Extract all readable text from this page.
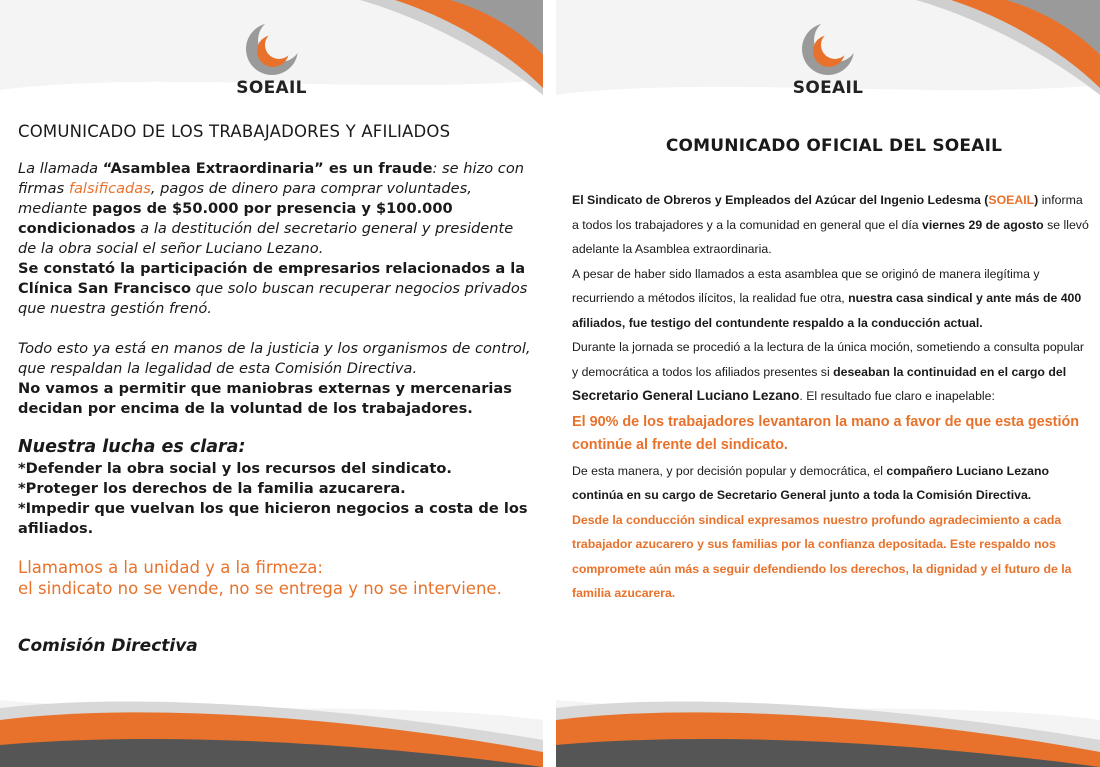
SOEAIL
COMUNICADO DE LOS TRABAJADORES Y AFILIADOS
La llamada “Asamblea Extraordinaria” es un fraude: se hizo con firmas falsificadas, pagos de dinero para comprar voluntades, mediante pagos de $50.000 por presencia y $100.000 condicionados a la destitución del secretario general y presidente de la obra social el señor Luciano Lezano.
Se constató la participación de empresarios relacionados a la Clínica San Francisco que solo buscan recuperar negocios privados que nuestra gestión frenó.
Todo esto ya está en manos de la justicia y los organismos de control, que respaldan la legalidad de esta Comisión Directiva.
No vamos a permitir que maniobras externas y mercenarias decidan por encima de la voluntad de los trabajadores.
Nuestra lucha es clara:
*Defender la obra social y los recursos del sindicato.
*Proteger los derechos de la familia azucarera.
*Impedir que vuelvan los que hicieron negocios a costa de los afiliados.
Llamamos a la unidad y a la firmeza:
el sindicato no se vende, no se entrega y no se interviene.
Comisión Directiva
SOEAIL
COMUNICADO OFICIAL DEL SOEAIL
El Sindicato de Obreros y Empleados del Azúcar del Ingenio Ledesma (SOEAIL) informa a todos los trabajadores y a la comunidad en general que el día viernes 29 de agosto se llevó adelante la Asamblea extraordinaria.
A pesar de haber sido llamados a esta asamblea que se originó de manera ilegítima y recurriendo a métodos ilícitos, la realidad fue otra, nuestra casa sindical y ante más de 400 afiliados, fue testigo del contundente respaldo a la conducción actual.
Durante la jornada se procedió a la lectura de la única moción, sometiendo a consulta popular y democrática a todos los afiliados presentes si deseaban la continuidad en el cargo del Secretario General Luciano Lezano. El resultado fue claro e inapelable:
El 90% de los trabajadores levantaron la mano a favor de que esta gestión continúe al frente del sindicato.
De esta manera, y por decisión popular y democrática, el compañero Luciano Lezano continúa en su cargo de Secretario General junto a toda la Comisión Directiva.
Desde la conducción sindical expresamos nuestro profundo agradecimiento a cada trabajador azucarero y sus familias por la confianza depositada. Este respaldo nos compromete aún más a seguir defendiendo los derechos, la dignidad y el futuro de la familia azucarera.
